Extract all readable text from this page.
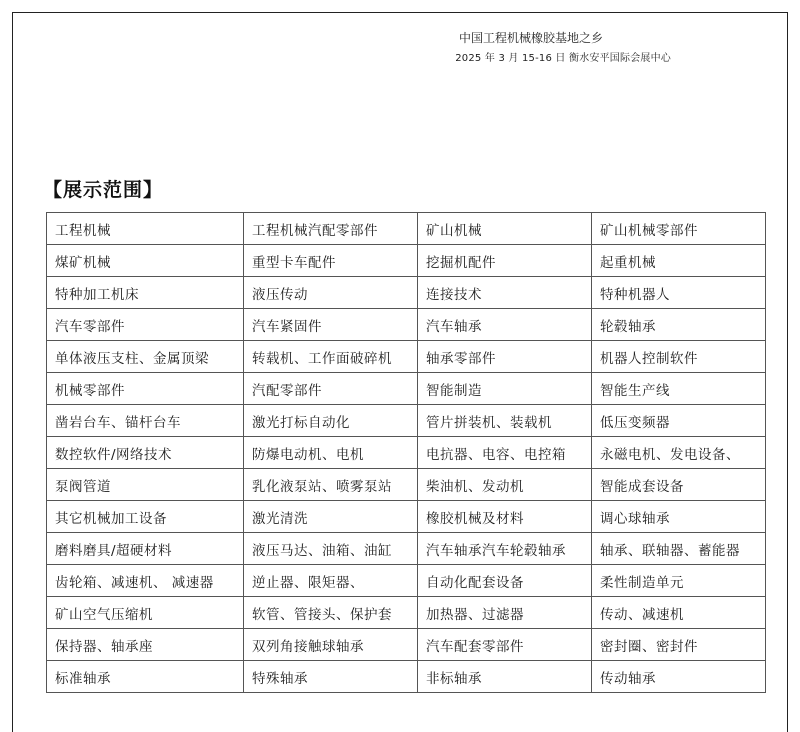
中国工程机械橡胶基地之乡
2025 年 3 月 15-16 日 衡水安平国际会展中心
【展示范围】
工程机械	工程机械汽配零部件	矿山机械	矿山机械零部件
煤矿机械	重型卡车配件	挖掘机配件	起重机械
特种加工机床	液压传动	连接技术	特种机器人
汽车零部件	汽车紧固件	汽车轴承	轮毂轴承
单体液压支柱、金属顶梁	转载机、工作面破碎机	轴承零部件	机器人控制软件
机械零部件	汽配零部件	智能制造	智能生产线
凿岩台车、锚杆台车	激光打标自动化	管片拼装机、装载机	低压变频器
数控软件/网络技术	防爆电动机、电机	电抗器、电容、电控箱	永磁电机、发电设备、
泵阀管道	乳化液泵站、喷雾泵站	柴油机、发动机	智能成套设备
其它机械加工设备	激光清洗	橡胶机械及材料	调心球轴承
磨料磨具/超硬材料	液压马达、油箱、油缸	汽车轴承汽车轮毂轴承	轴承、联轴器、蓄能器
齿轮箱、减速机、 减速器	逆止器、限矩器、	自动化配套设备	柔性制造单元
矿山空气压缩机	软管、管接头、保护套	加热器、过滤器	传动、减速机
保持器、轴承座	双列角接触球轴承	汽车配套零部件	密封圈、密封件
标准轴承	特殊轴承	非标轴承	传动轴承
